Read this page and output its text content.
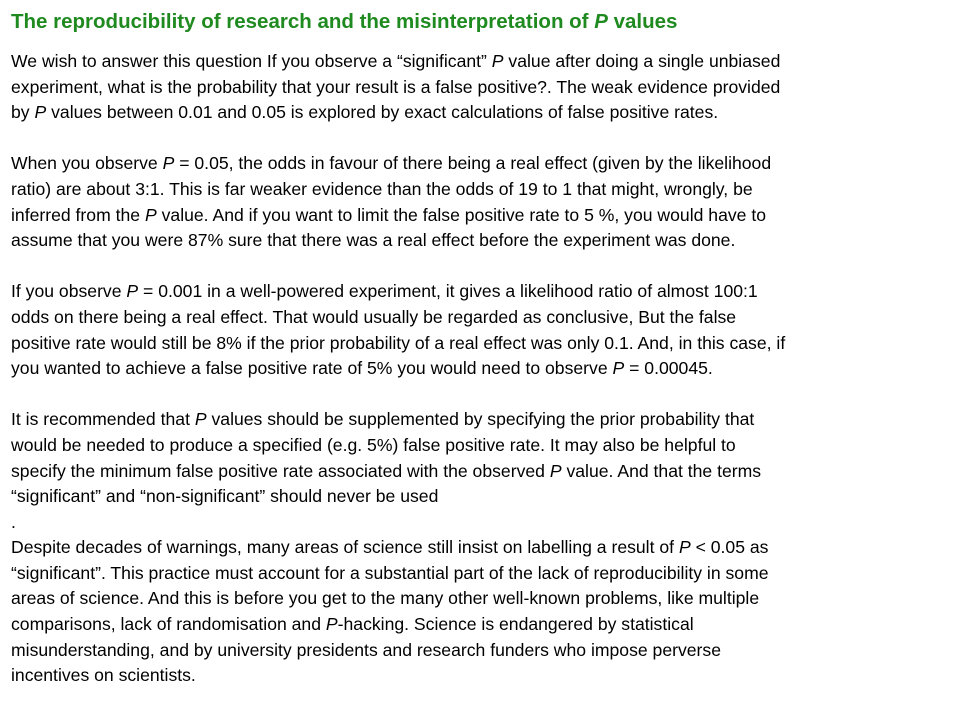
The reproducibility of research and the misinterpretation of P values

We wish to answer this question If you observe a “significant” P value after doing a single unbiased
experiment, what is the probability that your result is a false positive?. The weak evidence provided
by P values between 0.01 and 0.05 is explored by exact calculations of false positive rates.

When you observe P = 0.05, the odds in favour of there being a real effect (given by the likelihood
ratio) are about 3:1. This is far weaker evidence than the odds of 19 to 1 that might, wrongly, be
inferred from the P value. And if you want to limit the false positive rate to 5 %, you would have to
assume that you were 87% sure that there was a real effect before the experiment was done.

If you observe P = 0.001 in a well-powered experiment, it gives a likelihood ratio of almost 100:1
odds on there being a real effect. That would usually be regarded as conclusive, But the false
positive rate would still be 8% if the prior probability of a real effect was only 0.1. And, in this case, if
you wanted to achieve a false positive rate of 5% you would need to observe P = 0.00045.

It is recommended that P values should be supplemented by specifying the prior probability that
would be needed to produce a specified (e.g. 5%) false positive rate. It may also be helpful to
specify the minimum false positive rate associated with the observed P value. And that the terms
“significant” and “non-significant” should never be used
.
Despite decades of warnings, many areas of science still insist on labelling a result of P < 0.05 as
“significant”. This practice must account for a substantial part of the lack of reproducibility in some
areas of science. And this is before you get to the many other well-known problems, like multiple
comparisons, lack of randomisation and P-hacking. Science is endangered by statistical
misunderstanding, and by university presidents and research funders who impose perverse
incentives on scientists.
